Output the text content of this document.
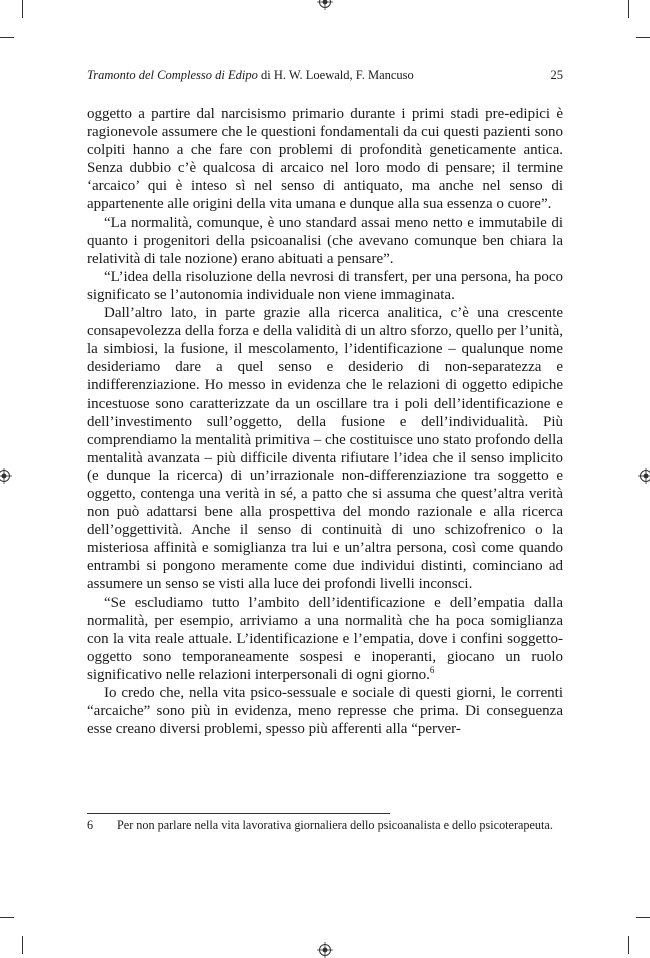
Tramonto del Complesso di Edipo di H. W. Loewald, F. Mancuso	25

oggetto a partire dal narcisismo primario durante i primi stadi pre-edipici è ragionevole assumere che le questioni fondamentali da cui questi pazienti sono colpiti hanno a che fare con problemi di profondità geneticamente antica. Senza dubbio c’è qualcosa di arcaico nel loro modo di pensare; il termine ‘arcaico’ qui è inteso sì nel senso di antiquato, ma anche nel senso di appartenente alle origini della vita umana e dunque alla sua essenza o cuore”.

“La normalità, comunque, è uno standard assai meno netto e immutabile di quanto i progenitori della psicoanalisi (che avevano comunque ben chiara la relatività di tale nozione) erano abituati a pensare”.

“L’idea della risoluzione della nevrosi di transfert, per una persona, ha poco significato se l’autonomia individuale non viene immaginata.

Dall’altro lato, in parte grazie alla ricerca analitica, c’è una crescente consapevolezza della forza e della validità di un altro sforzo, quello per l’unità, la simbiosi, la fusione, il mescolamento, l’identificazione – qualunque nome desideriamo dare a quel senso e desiderio di non-separatezza e indifferenziazione. Ho messo in evidenza che le relazioni di oggetto edipiche incestuose sono caratterizzate da un oscillare tra i poli dell’identificazione e dell’investimento sull’oggetto, della fusione e dell’individualità. Più comprendiamo la mentalità primitiva – che costituisce uno stato profondo della mentalità avanzata – più difficile diventa rifiutare l’idea che il senso implicito (e dunque la ricerca) di un’irrazionale non-differenziazione tra soggetto e oggetto, contenga una verità in sé, a patto che si assuma che quest’altra verità non può adattarsi bene alla prospettiva del mondo razionale e alla ricerca dell’oggettività. Anche il senso di continuità di uno schizofrenico o la misteriosa affinità e somiglianza tra lui e un’altra persona, così come quando entrambi si pongono meramente come due individui distinti, cominciano ad assumere un senso se visti alla luce dei profondi livelli inconsci.

“Se escludiamo tutto l’ambito dell’identificazione e dell’empatia dalla normalità, per esempio, arriviamo a una normalità che ha poca somiglianza con la vita reale attuale. L’identificazione e l’empatia, dove i confini soggetto-oggetto sono temporaneamente sospesi e inoperanti, giocano un ruolo significativo nelle relazioni interpersonali di ogni giorno.$^6$

Io credo che, nella vita psico-sessuale e sociale di questi giorni, le correnti “arcaiche” sono più in evidenza, meno represse che prima. Di conseguenza esse creano diversi problemi, spesso più afferenti alla “perver-

6 Per non parlare nella vita lavorativa giornaliera dello psicoanalista e dello psicoterapeuta.
